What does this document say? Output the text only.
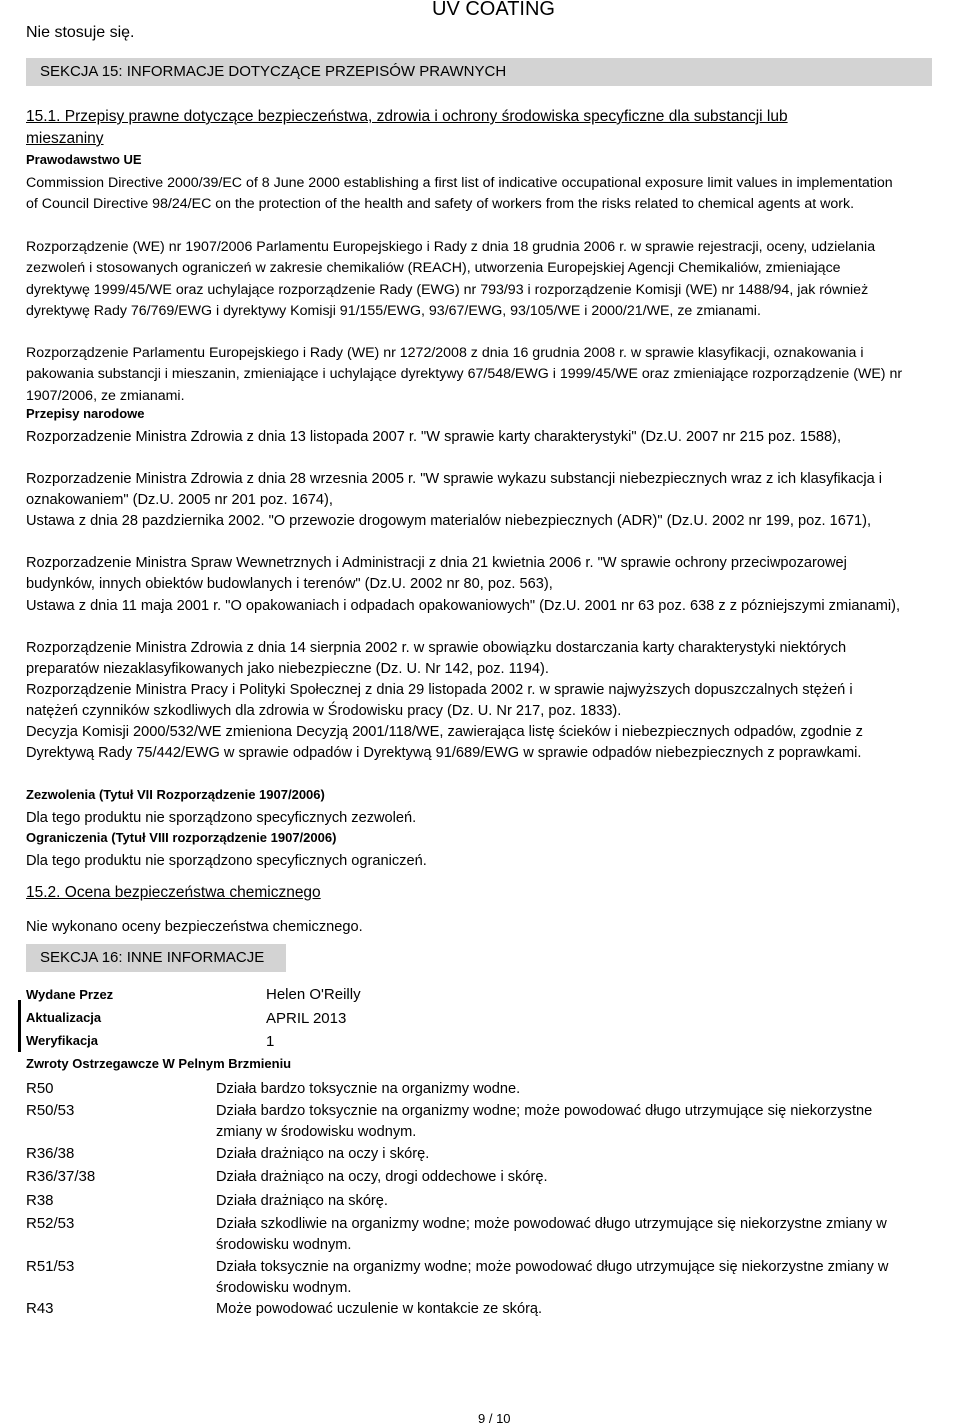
Nie stosuje się.
UV COATING
SEKCJA 15: INFORMACJE DOTYCZĄCE PRZEPISÓW PRAWNYCH
15.1. Przepisy prawne dotyczące bezpieczeństwa, zdrowia i ochrony środowiska specyficzne dla substancji lub
mieszaniny
Prawodawstwo UE
Commission Directive 2000/39/EC of 8 June 2000 establishing a first list of indicative occupational exposure limit values in implementation of Council Directive 98/24/EC on the protection of the health and safety of workers from the risks related to chemical agents at work.
Rozporządzenie (WE) nr 1907/2006 Parlamentu Europejskiego i Rady z dnia 18 grudnia 2006 r. w sprawie rejestracji, oceny, udzielania zezwoleń i stosowanych ograniczeń w zakresie chemikaliów (REACH), utworzenia Europejskiej Agencji Chemikaliów, zmieniające dyrektywę 1999/45/WE oraz uchylające rozporządzenie Rady (EWG) nr 793/93 i rozporządzenie Komisji (WE) nr 1488/94, jak również dyrektywę Rady 76/769/EWG i dyrektywy Komisji 91/155/EWG, 93/67/EWG, 93/105/WE i 2000/21/WE, ze zmianami.
Rozporządzenie Parlamentu Europejskiego i Rady (WE) nr 1272/2008 z dnia 16 grudnia 2008 r. w sprawie klasyfikacji, oznakowania i pakowania substancji i mieszanin, zmieniające i uchylające dyrektywy 67/548/EWG i 1999/45/WE oraz zmieniające rozporządzenie (WE) nr 1907/2006, ze zmianami.
Przepisy narodowe
Rozporzadzenie Ministra Zdrowia z dnia 13 listopada 2007 r. "W sprawie karty charakterystyki" (Dz.U. 2007 nr 215 poz. 1588),
Rozporzadzenie Ministra Zdrowia z dnia 28 wrzesnia 2005 r. "W sprawie wykazu substancji niebezpiecznych wraz z ich klasyfikacja i oznakowaniem" (Dz.U. 2005 nr 201 poz. 1674),
Ustawa z dnia 28 pazdziernika 2002. "O przewozie drogowym materialów niebezpiecznych (ADR)" (Dz.U. 2002 nr 199, poz. 1671),
Rozporzadzenie Ministra Spraw Wewnetrznych i Administracji z dnia 21 kwietnia 2006 r. "W sprawie ochrony przeciwpozarowej budynków, innych obiektów budowlanych i terenów" (Dz.U. 2002 nr 80, poz. 563),
Ustawa z dnia 11 maja 2001 r. "O opakowaniach i odpadach opakowaniowych" (Dz.U. 2001 nr 63 poz. 638 z z pózniejszymi zmianami),
Rozporządzenie Ministra Zdrowia z dnia 14 sierpnia 2002 r. w sprawie obowiązku dostarczania karty charakterystyki niektórych preparatów niezaklasyfikowanych jako niebezpieczne (Dz. U. Nr 142, poz. 1194).
Rozporządzenie Ministra Pracy i Polityki Społecznej z dnia 29 listopada 2002 r. w sprawie najwyższych dopuszczalnych stężeń i natężeń czynników szkodliwych dla zdrowia w Środowisku pracy (Dz. U. Nr 217, poz. 1833).
Decyzja Komisji 2000/532/WE zmieniona Decyzją 2001/118/WE, zawierająca listę ścieków i niebezpiecznych odpadów, zgodnie z Dyrektywą Rady 75/442/EWG w sprawie odpadów i Dyrektywą 91/689/EWG w sprawie odpadów niebezpiecznych z poprawkami.
Zezwolenia (Tytuł VII Rozporządzenie 1907/2006)
Dla tego produktu nie sporządzono specyficznych zezwoleń.
Ograniczenia (Tytuł VIII rozporządzenie 1907/2006)
Dla tego produktu nie sporządzono specyficznych ograniczeń.
15.2. Ocena bezpieczeństwa chemicznego
Nie wykonano oceny bezpieczeństwa chemicznego.
SEKCJA 16: INNE INFORMACJE
Wydane Przez	Helen O'Reilly
Aktualizacja	APRIL 2013
Weryfikacja	1
Zwroty Ostrzegawcze W Pelnym Brzmieniu
R50	Działa bardzo toksycznie na organizmy wodne.
R50/53	Działa bardzo toksycznie na organizmy wodne; może powodować długo utrzymujące się niekorzystne zmiany w środowisku wodnym.
R36/38	Działa drażniąco na oczy i skórę.
R36/37/38	Działa drażniąco na oczy, drogi oddechowe i skórę.
R38	Działa drażniąco na skórę.
R52/53	Działa szkodliwie na organizmy wodne; może powodować długo utrzymujące się niekorzystne zmiany w środowisku wodnym.
R51/53	Działa toksycznie na organizmy wodne; może powodować długo utrzymujące się niekorzystne zmiany w środowisku wodnym.
R43	Może powodować uczulenie w kontakcie ze skórą.
9 / 10
